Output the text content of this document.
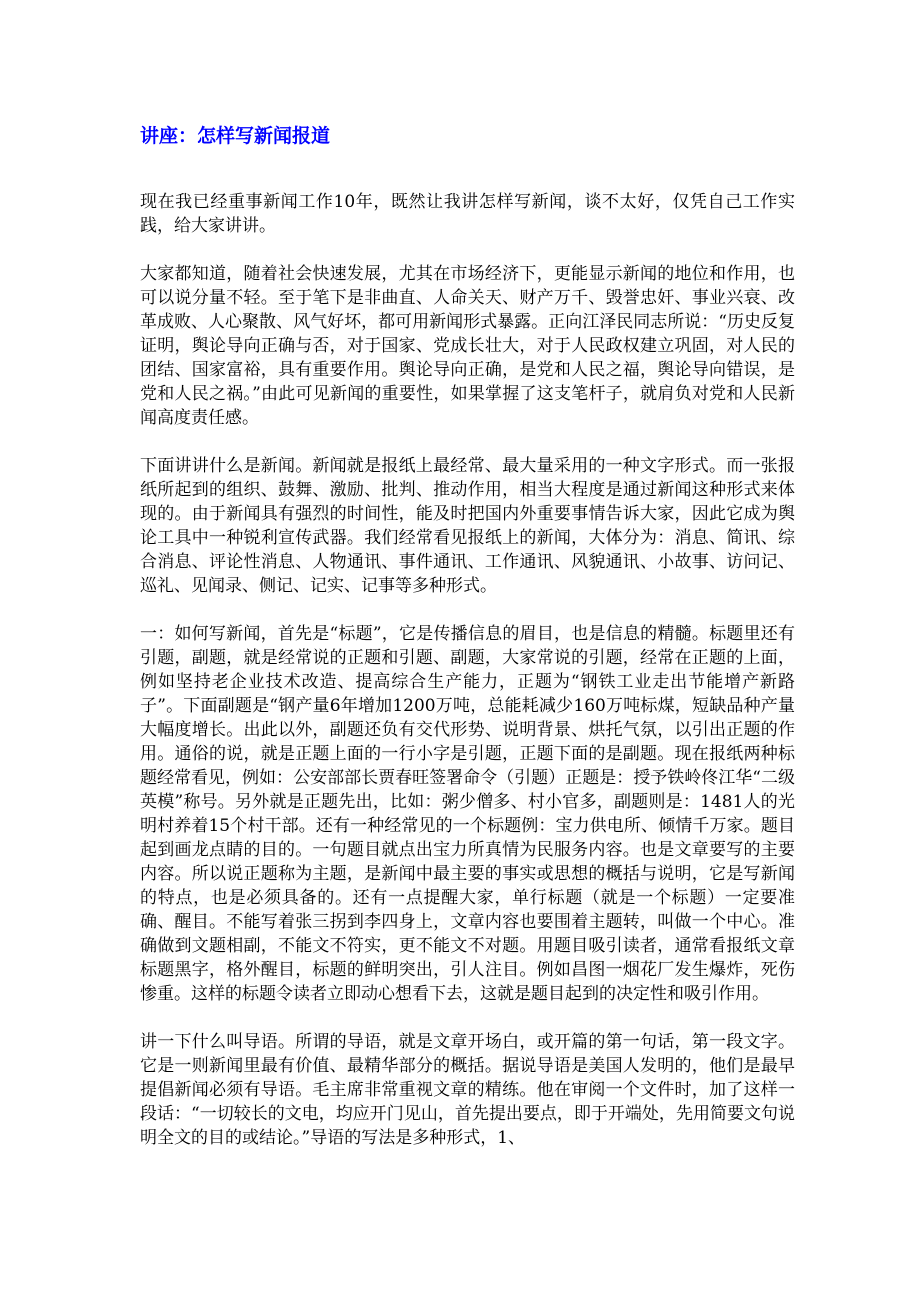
讲座：怎样写新闻报道

现在我已经重事新闻工作10年，既然让我讲怎样写新闻，谈不太好，仅凭自己工作实践，给大家讲讲。

大家都知道，随着社会快速发展，尤其在市场经济下，更能显示新闻的地位和作用，也可以说分量不轻。至于笔下是非曲直、人命关天、财产万千、毁誉忠奸、事业兴衰、改革成败、人心聚散、风气好坏，都可用新闻形式暴露。正向江泽民同志所说：“历史反复证明，舆论导向正确与否，对于国家、党成长壮大，对于人民政权建立巩固，对人民的团结、国家富裕，具有重要作用。舆论导向正确，是党和人民之福，舆论导向错误，是党和人民之祸。”由此可见新闻的重要性，如果掌握了这支笔杆子，就肩负对党和人民新闻高度责任感。

下面讲讲什么是新闻。新闻就是报纸上最经常、最大量采用的一种文字形式。而一张报纸所起到的组织、鼓舞、激励、批判、推动作用，相当大程度是通过新闻这种形式来体现的。由于新闻具有强烈的时间性，能及时把国内外重要事情告诉大家，因此它成为舆论工具中一种锐利宣传武器。我们经常看见报纸上的新闻，大体分为：消息、简讯、综合消息、评论性消息、人物通讯、事件通讯、工作通讯、风貌通讯、小故事、访问记、巡礼、见闻录、侧记、记实、记事等多种形式。

一：如何写新闻，首先是“标题”，它是传播信息的眉目，也是信息的精髓。标题里还有引题，副题，就是经常说的正题和引题、副题，大家常说的引题，经常在正题的上面，例如坚持老企业技术改造、提高综合生产能力，正题为“钢铁工业走出节能增产新路子”。下面副题是“钢产量6年增加1200万吨，总能耗减少160万吨标煤，短缺品种产量大幅度增长。出此以外，副题还负有交代形势、说明背景、烘托气氛，以引出正题的作用。通俗的说，就是正题上面的一行小字是引题，正题下面的是副题。现在报纸两种标题经常看见，例如：公安部部长贾春旺签署命令（引题）正题是：授予铁岭佟江华“二级英模”称号。另外就是正题先出，比如：粥少僧多、村小官多，副题则是：1481人的光明村养着15个村干部。还有一种经常见的一个标题例：宝力供电所、倾情千万家。题目起到画龙点睛的目的。一句题目就点出宝力所真情为民服务内容。也是文章要写的主要内容。所以说正题称为主题，是新闻中最主要的事实或思想的概括与说明，它是写新闻的特点，也是必须具备的。还有一点提醒大家，单行标题（就是一个标题）一定要准确、醒目。不能写着张三拐到李四身上，文章内容也要围着主题转，叫做一个中心。准确做到文题相副，不能文不符实，更不能文不对题。用题目吸引读者，通常看报纸文章标题黑字，格外醒目，标题的鲜明突出，引人注目。例如昌图一烟花厂发生爆炸，死伤惨重。这样的标题令读者立即动心想看下去，这就是题目起到的决定性和吸引作用。

讲一下什么叫导语。所谓的导语，就是文章开场白，或开篇的第一句话，第一段文字。它是一则新闻里最有价值、最精华部分的概括。据说导语是美国人发明的，他们是最早提倡新闻必须有导语。毛主席非常重视文章的精练。他在审阅一个文件时，加了这样一段话：“一切较长的文电，均应开门见山，首先提出要点，即于开端处，先用简要文句说明全文的目的或结论。”导语的写法是多种形式，1、
